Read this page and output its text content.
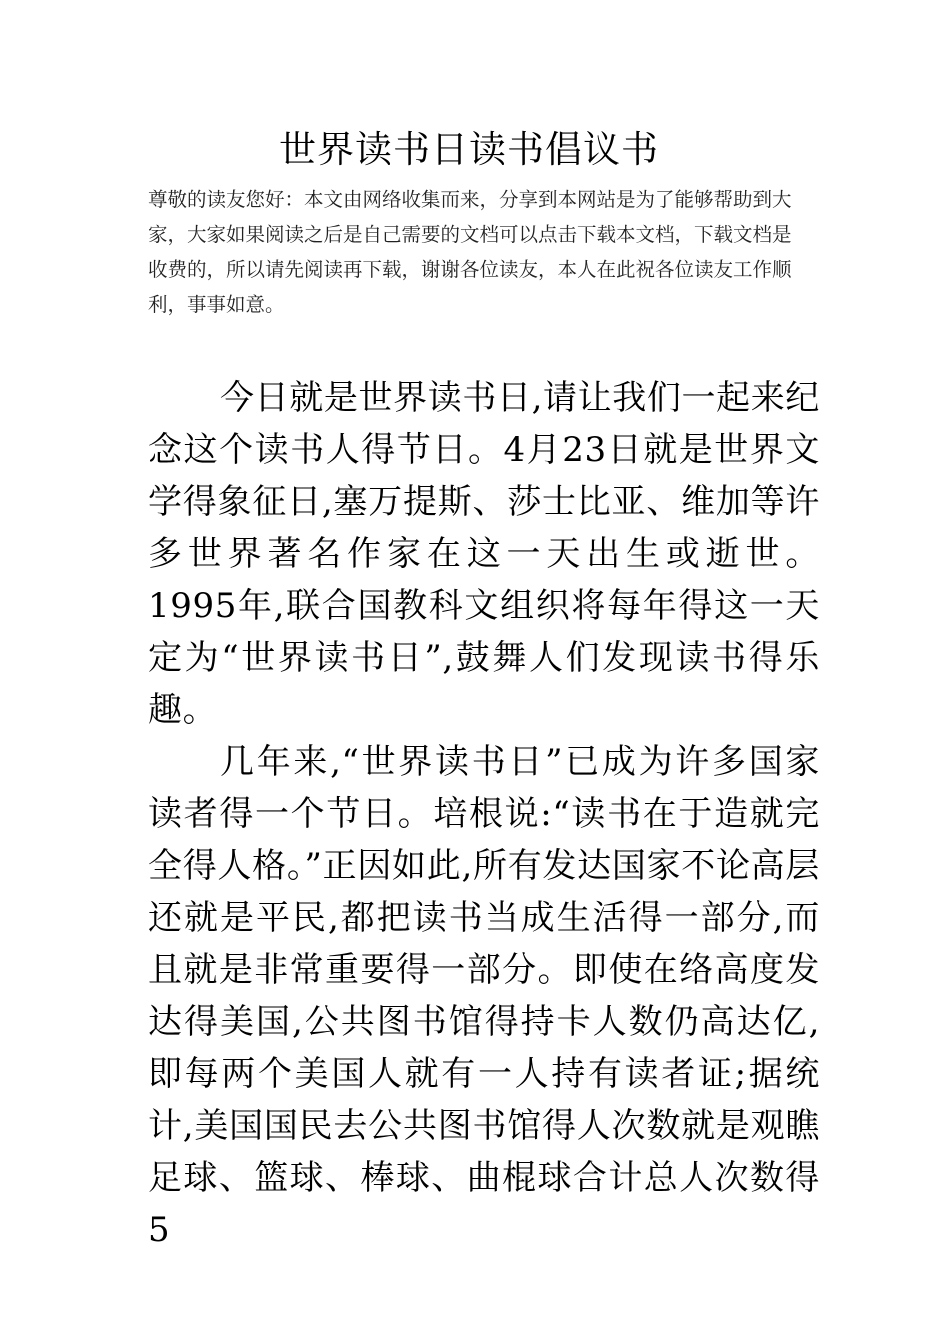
世界读书日读书倡议书

尊敬的读友您好：本文由网络收集而来，分享到本网站是为了能够帮助到大家，大家如果阅读之后是自己需要的文档可以点击下载本文档，下载文档是收费的，所以请先阅读再下载，谢谢各位读友，本人在此祝各位读友工作顺利，事事如意。

今日就是世界读书日,请让我们一起来纪念这个读书人得节日。4月23日就是世界文学得象征日,塞万提斯、莎士比亚、维加等许多世界著名作家在这一天出生或逝世。1995年,联合国教科文组织将每年得这一天定为“世界读书日”,鼓舞人们发现读书得乐趣。

几年来,“世界读书日”已成为许多国家读者得一个节日。培根说:“读书在于造就完全得人格。”正因如此,所有发达国家不论高层还就是平民,都把读书当成生活得一部分,而且就是非常重要得一部分。即使在络高度发达得美国,公共图书馆得持卡人数仍高达亿,即每两个美国人就有一人持有读者证;据统计,美国国民去公共图书馆得人次数就是观瞧足球、篮球、棒球、曲棍球合计总人次数得5
